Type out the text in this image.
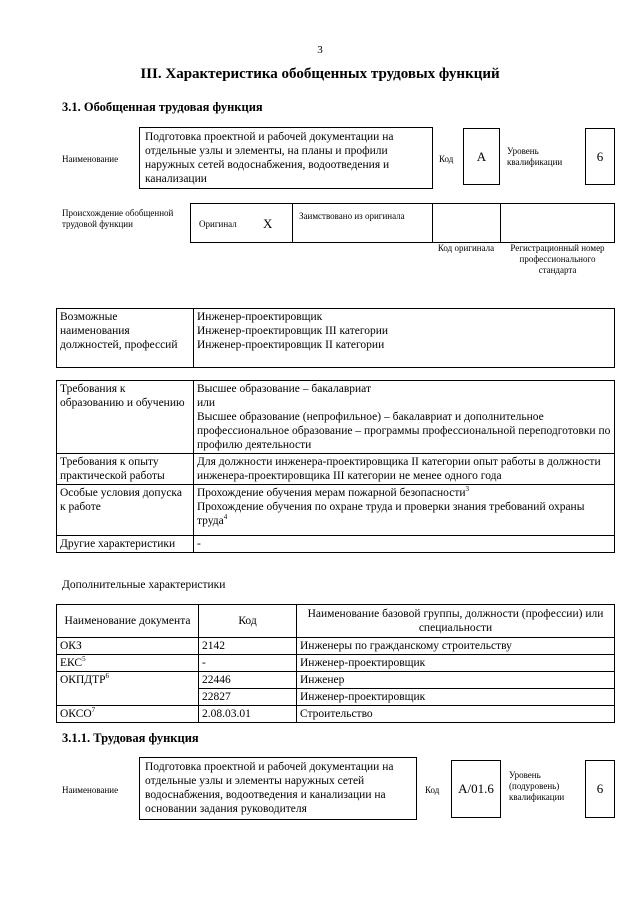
3
III. Характеристика обобщенных трудовых функций
3.1. Обобщенная трудовая функция
Наименование
Подготовка проектной и рабочей документации на отдельные узлы и элементы, на планы и профили наружных сетей водоснабжения, водоотведения и канализации
Код	А	Уровень квалификации	6
Происхождение обобщенной трудовой функции	Оригинал X	Заимствовано из оригинала
Код оригинала	Регистрационный номер профессионального стандарта
Возможные наименования должностей, профессий	
Инженер-проектировщик
Инженер-проектировщик III категории
Инженер-проектировщик II категории
Требования к образованию и обучению	Высшее образование – бакалавриат
или
Высшее образование (непрофильное) – бакалавриат и дополнительное профессиональное образование – программы профессиональной переподготовки по профилю деятельности

Требования к опыту практической работы	Для должности инженера-проектировщика II категории опыт работы в должности инженера-проектировщика III категории не менее одного года
Особые условия допуска к работе	Прохождение обучения мерам пожарной безопасности$^3$
Прохождение обучения по охране труда и проверки знания требований охраны труда$^4$

Другие характеристики	-
Дополнительные характеристики
Наименование документа	Код	Наименование базовой группы, должности (профессии) или специальности
ОКЗ	2142	Инженеры по гражданскому строительству
ЕКС$^5$	-	Инженер-проектировщик
ОКПДТР$^6$	22446	Инженер
	22827	Инженер-проектировщик
ОКСО$^7$	2.08.03.01	Строительство
3.1.1. Трудовая функция
Наименование
Подготовка проектной и рабочей документации на отдельные узлы и элементы наружных сетей водоснабжения, водоотведения и канализации на основании задания руководителя
Код	А/01.6
Уровень (подуровень) квалификации
6
